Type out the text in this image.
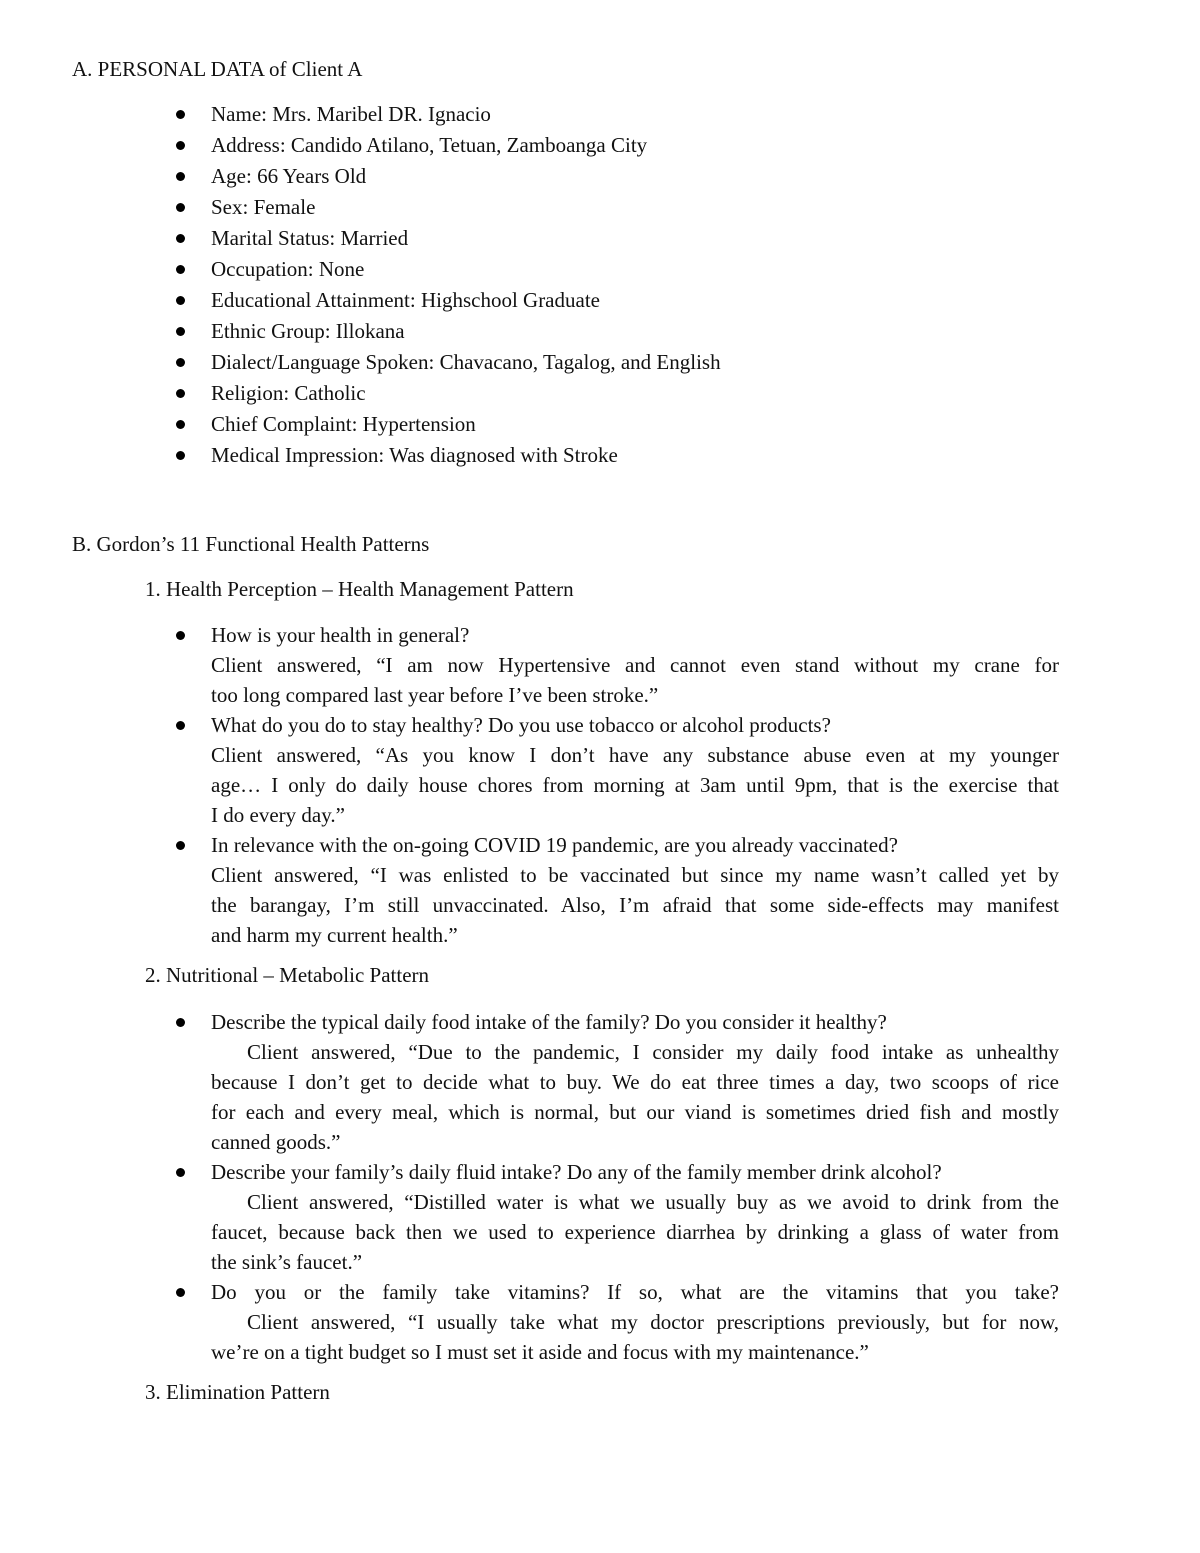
A. PERSONAL DATA of Client A
Name: Mrs. Maribel DR. Ignacio
Address: Candido Atilano, Tetuan, Zamboanga City
Age: 66 Years Old
Sex: Female
Marital Status: Married
Occupation: None
Educational Attainment: Highschool Graduate
Ethnic Group: Illokana
Dialect/Language Spoken: Chavacano, Tagalog, and English
Religion: Catholic
Chief Complaint: Hypertension
Medical Impression: Was diagnosed with Stroke
B. Gordon’s 11 Functional Health Patterns
1. Health Perception – Health Management Pattern
How is your health in general?
Client answered, “I am now Hypertensive and cannot even stand without my crane for
too long compared last year before I’ve been stroke.”
What do you do to stay healthy? Do you use tobacco or alcohol products?
Client answered, “As you know I don’t have any substance abuse even at my younger
age… I only do daily house chores from morning at 3am until 9pm, that is the exercise that
I do every day.”
In relevance with the on-going COVID 19 pandemic, are you already vaccinated?
Client answered, “I was enlisted to be vaccinated but since my name wasn’t called yet by
the barangay, I’m still unvaccinated. Also, I’m afraid that some side-effects may manifest
and harm my current health.”
2. Nutritional – Metabolic Pattern
Describe the typical daily food intake of the family? Do you consider it healthy?
Client answered, “Due to the pandemic, I consider my daily food intake as unhealthy
because I don’t get to decide what to buy. We do eat three times a day, two scoops of rice
for each and every meal, which is normal, but our viand is sometimes dried fish and mostly
canned goods.”
Describe your family’s daily fluid intake? Do any of the family member drink alcohol?
Client answered, “Distilled water is what we usually buy as we avoid to drink from the
faucet, because back then we used to experience diarrhea by drinking a glass of water from
the sink’s faucet.”
Do you or the family take vitamins? If so, what are the vitamins that you take?
Client answered, “I usually take what my doctor prescriptions previously, but for now,
we’re on a tight budget so I must set it aside and focus with my maintenance.”
3. Elimination Pattern
